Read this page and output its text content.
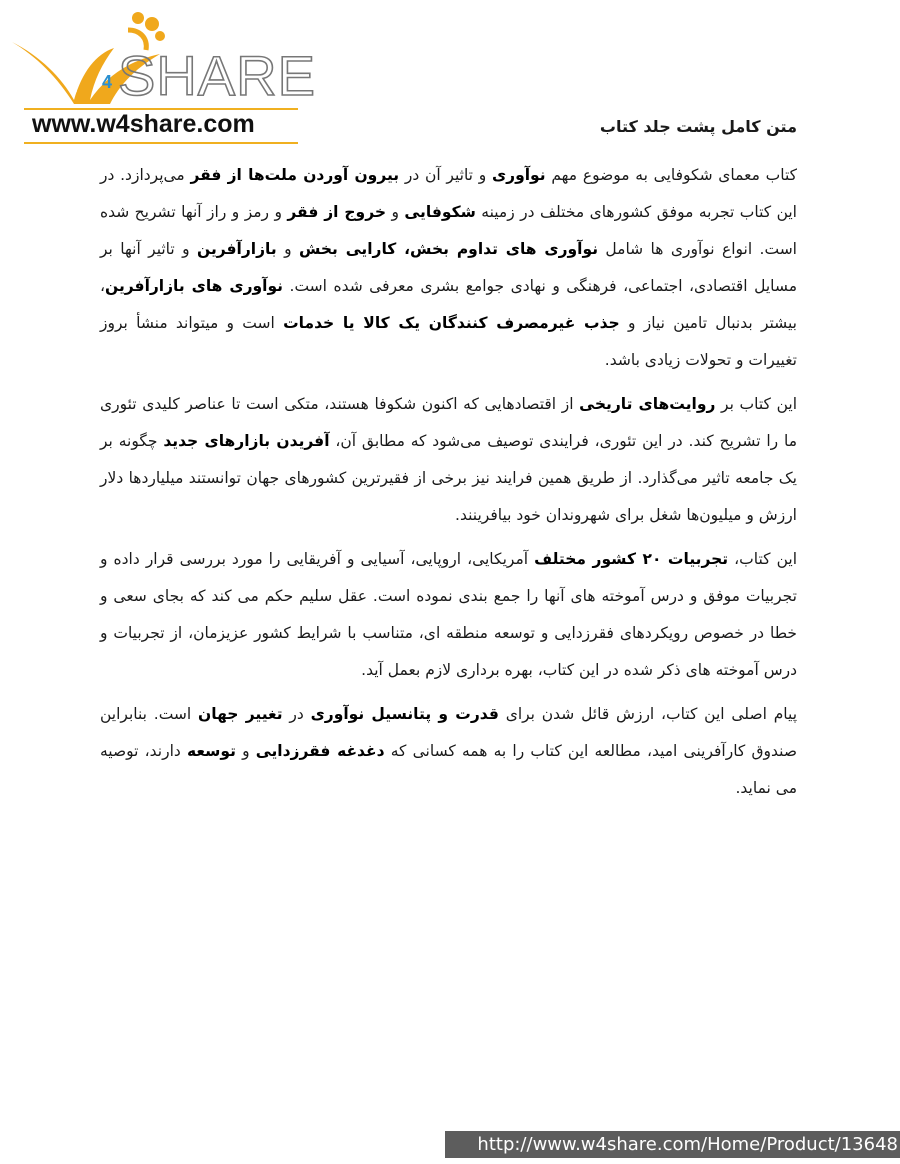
4 SHARE
www.w4share.com	متن کامل پشت جلد کتاب

کتاب معمای شکوفایی به موضوع مهم نوآوری و تاثیر آن در بیرون آوردن ملت‌ها از فقر می‌پردازد. در این کتاب تجربه موفق کشورهای مختلف در زمینه شکوفایی و خروج از فقر و رمز و راز آنها تشریح شده است. انواع نوآوری ها شامل نوآوری های تداوم بخش، کارایی بخش و بازارآفرین و تاثیر آنها بر مسایل اقتصادی، اجتماعی، فرهنگی و نهادی جوامع بشری معرفی شده است. نوآوری های بازارآفرین، بیشتر بدنبال تامین نیاز و جذب غیرمصرف کنندگان یک کالا یا خدمات است و میتواند منشأ بروز تغییرات و تحولات زیادی باشد.

این کتاب بر روایت‌های تاریخی از اقتصادهایی که اکنون شکوفا هستند، متکی است تا عناصر کلیدی تئوری ما را تشریح کند. در این تئوری، فرایندی توصیف می‌شود که مطابق آن، آفریدن بازارهای جدید چگونه بر یک جامعه تاثیر می‌گذارد. از طریق همین فرایند نیز برخی از فقیرترین کشورهای جهان توانستند میلیاردها دلار ارزش و میلیون‌ها شغل برای شهروندان خود بیافرینند.

این کتاب، تجربیات ۲۰ کشور مختلف آمریکایی، اروپایی، آسیایی و آفریقایی را مورد بررسی قرار داده و تجربیات موفق و درس آموخته های آنها را جمع بندی نموده است. عقل سلیم حکم می کند که بجای سعی و خطا در خصوص رویکردهای فقرزدایی و توسعه منطقه ای، متناسب با شرایط کشور عزیزمان، از تجربیات و درس آموخته های ذکر شده در این کتاب، بهره برداری لازم بعمل آید.

پیام اصلی این کتاب، ارزش قائل شدن برای قدرت و پتانسیل نوآوری در تغییر جهان است. بنابراین صندوق کارآفرینی امید، مطالعه این کتاب را به همه کسانی که دغدغه فقرزدایی و توسعه دارند، توصیه می نماید.

http://www.w4share.com/Home/Product/13648
